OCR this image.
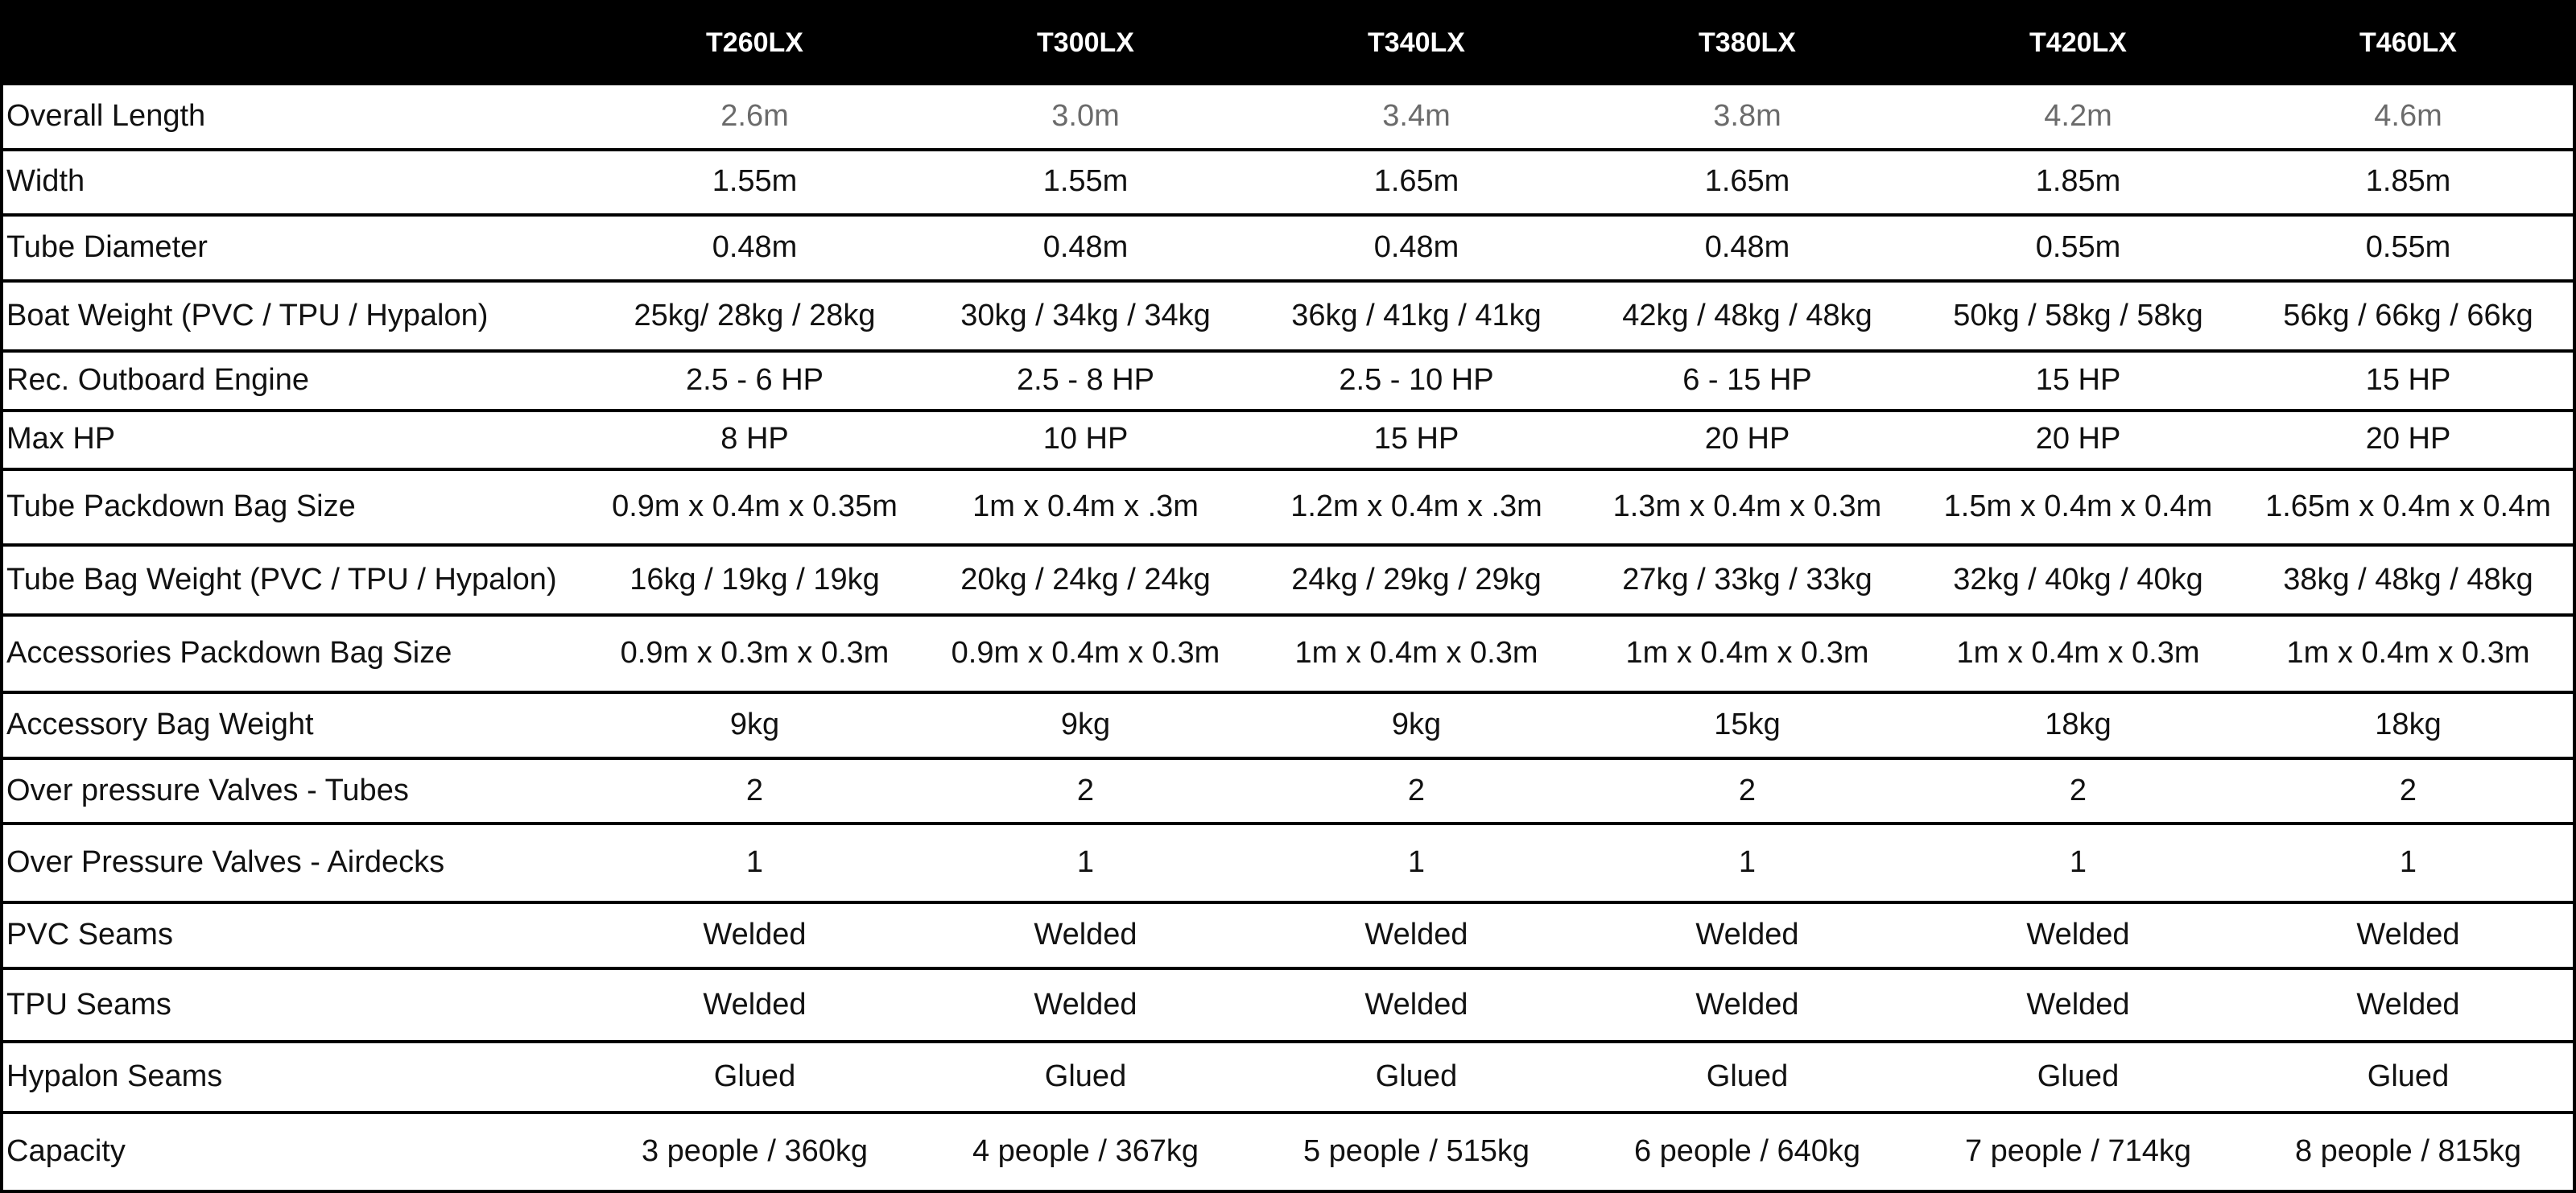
	T260LX	T300LX	T340LX	T380LX	T420LX	T460LX
Overall Length	2.6m	3.0m	3.4m	3.8m	4.2m	4.6m
Width	1.55m	1.55m	1.65m	1.65m	1.85m	1.85m
Tube Diameter	0.48m	0.48m	0.48m	0.48m	0.55m	0.55m
Boat Weight (PVC / TPU / Hypalon)	25kg/ 28kg / 28kg	30kg / 34kg / 34kg	36kg / 41kg / 41kg	42kg / 48kg / 48kg	50kg / 58kg / 58kg	56kg / 66kg / 66kg
Rec. Outboard Engine	2.5 - 6 HP	2.5 - 8 HP	2.5 - 10 HP	6 - 15 HP	15 HP	15 HP
Max HP	8 HP	10 HP	15 HP	20 HP	20 HP	20 HP
Tube Packdown Bag Size	0.9m x 0.4m x 0.35m	1m x 0.4m x .3m	1.2m x 0.4m x .3m	1.3m x 0.4m x 0.3m	1.5m x 0.4m x 0.4m	1.65m x 0.4m x 0.4m
Tube Bag Weight (PVC / TPU / Hypalon)	16kg / 19kg / 19kg	20kg / 24kg / 24kg	24kg / 29kg / 29kg	27kg / 33kg / 33kg	32kg / 40kg / 40kg	38kg / 48kg / 48kg
Accessories Packdown Bag Size	0.9m x 0.3m x 0.3m	0.9m x 0.4m x 0.3m	1m x 0.4m x 0.3m	1m x 0.4m x 0.3m	1m x 0.4m x 0.3m	1m x 0.4m x 0.3m
Accessory Bag Weight	9kg	9kg	9kg	15kg	18kg	18kg
Over pressure Valves - Tubes	2	2	2	2	2	2
Over Pressure Valves - Airdecks	1	1	1	1	1	1
PVC Seams	Welded	Welded	Welded	Welded	Welded	Welded
TPU Seams	Welded	Welded	Welded	Welded	Welded	Welded
Hypalon Seams	Glued	Glued	Glued	Glued	Glued	Glued
Capacity	3 people / 360kg	4 people / 367kg	5 people / 515kg	6 people / 640kg	7 people / 714kg	8 people / 815kg
